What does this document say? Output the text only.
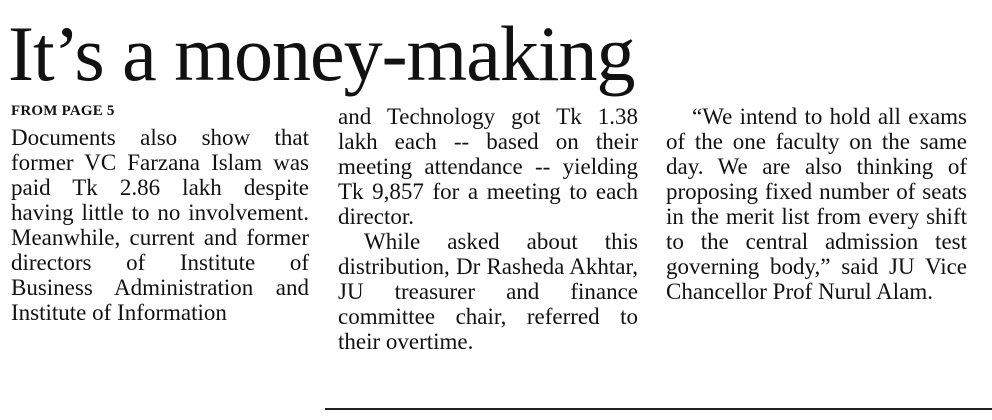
It’s a money-making
FROM PAGE 5

Documents also show that former VC Farzana Islam was paid Tk 2.86 lakh despite having little to no involvement. Meanwhile, current and former directors of Institute of Business Administration and Institute of Information

and Technology got Tk 1.38 lakh each -- based on their meeting attendance -- yielding Tk 9,857 for a meeting to each director.

While asked about this distribution, Dr Rasheda Akhtar, JU treasurer and finance committee chair, referred to their overtime.

“We intend to hold all exams of the one faculty on the same day. We are also thinking of proposing fixed number of seats in the merit list from every shift to the central admission test governing body,” said JU Vice Chancellor Prof Nurul Alam.
